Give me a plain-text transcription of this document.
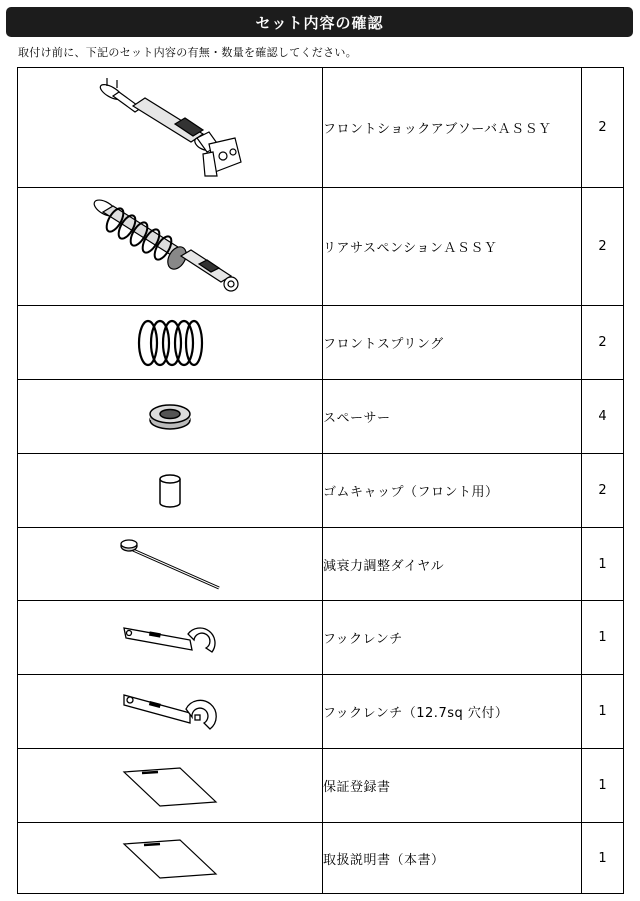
セット内容の確認
取付け前に、下記のセット内容の有無・数量を確認してください。
	フロントショックアブソーバＡＳＳＹ	2

	リアサスペンションＡＳＳＹ	2

	フロントスプリング	2

	スペーサー	4

	ゴムキャップ（フロント用）	2

	減衰力調整ダイヤル	1

	フックレンチ	1

	フックレンチ（12.7sq 穴付）	1

	保証登録書	1

	取扱説明書（本書）	1
